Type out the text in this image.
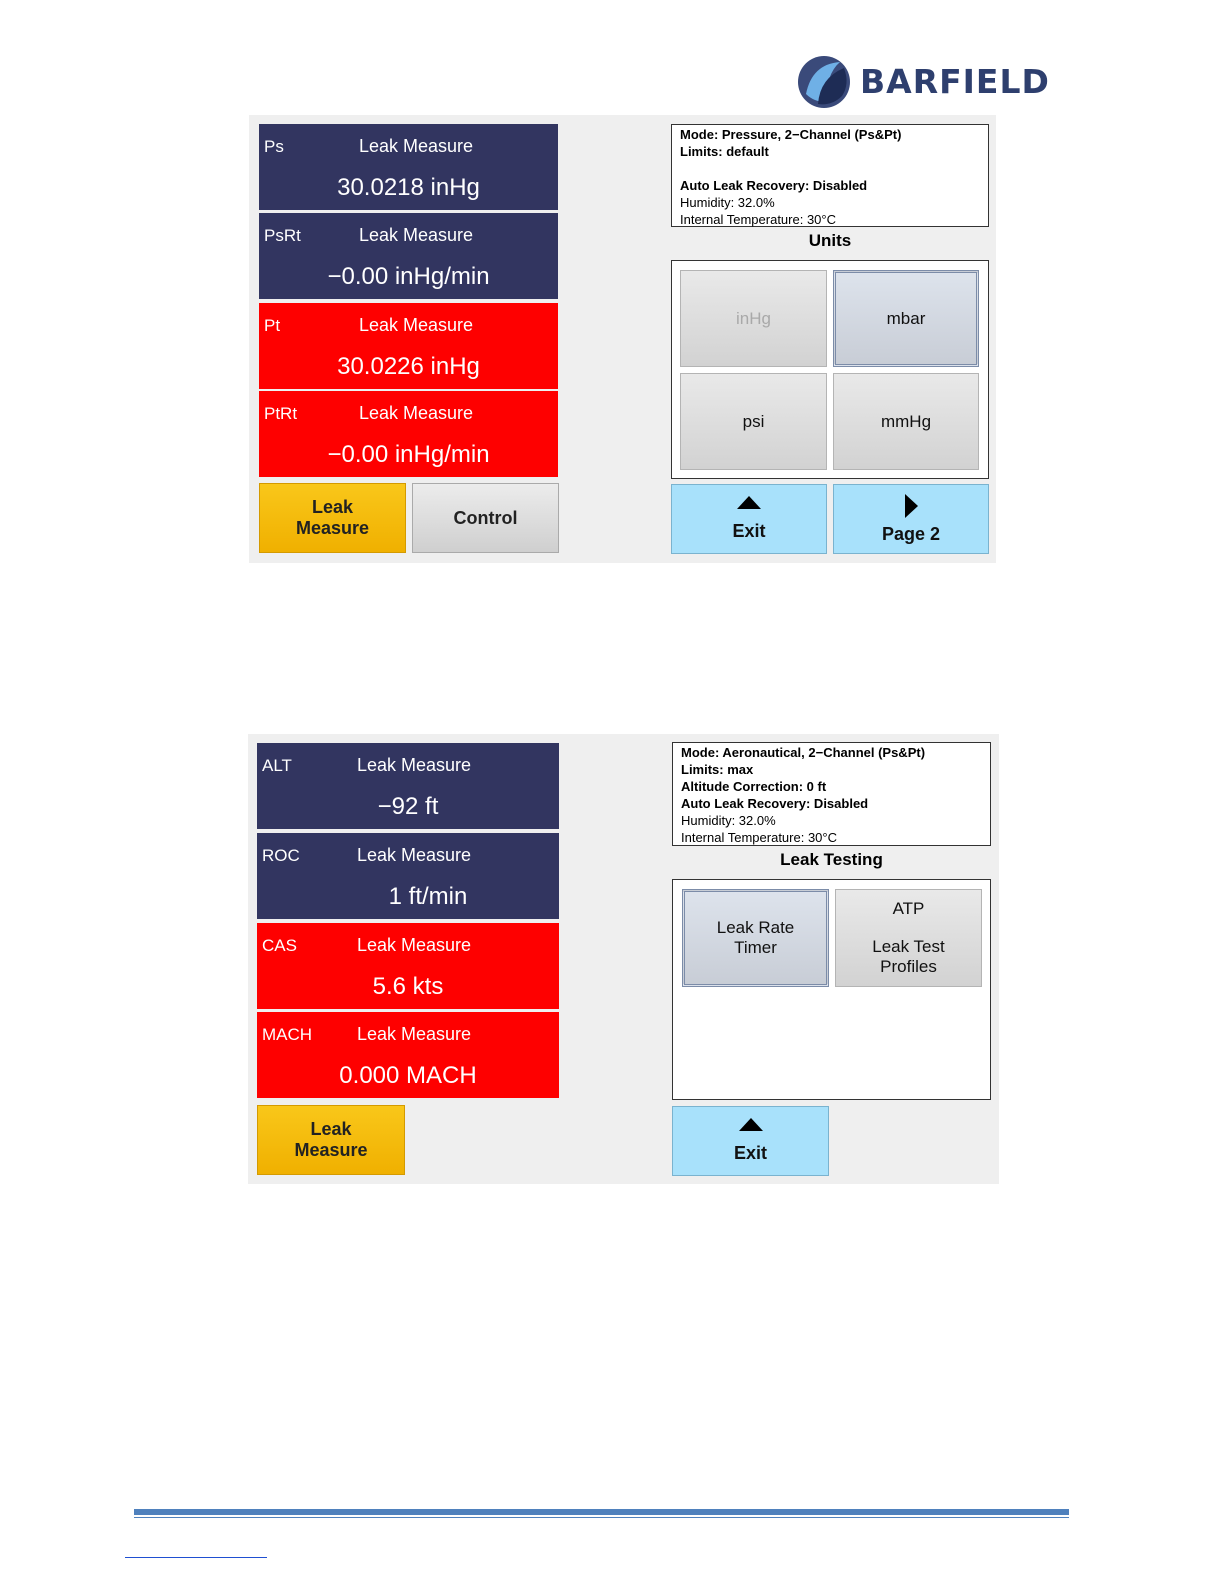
BARFIELD
Ps	Leak Measure
30.0218 inHg
PsRt	Leak Measure
−0.00 inHg/min
Pt	Leak Measure
30.0226 inHg
PtRt	Leak Measure
−0.00 inHg/min
Leak
Measure
Control
Mode: Pressure, 2−Channel (Ps&Pt)
Limits: default
Auto Leak Recovery: Disabled
Humidity: 32.0%
Internal Temperature: 30°C
Units
inHg	mbar
psi	mmHg
Exit	Page 2
ALT	Leak Measure
−92 ft
ROC	Leak Measure
1 ft/min
CAS	Leak Measure
5.6 kts
MACH Leak Measure
0.000 MACH
Leak
Measure
Mode: Aeronautical, 2−Channel (Ps&Pt)
Limits: max
Altitude Correction: 0 ft
Auto Leak Recovery: Disabled
Humidity: 32.0%
Internal Temperature: 30°C
Leak Testing
Leak Rate
Timer
ATP
Leak Test
Profiles
Exit
